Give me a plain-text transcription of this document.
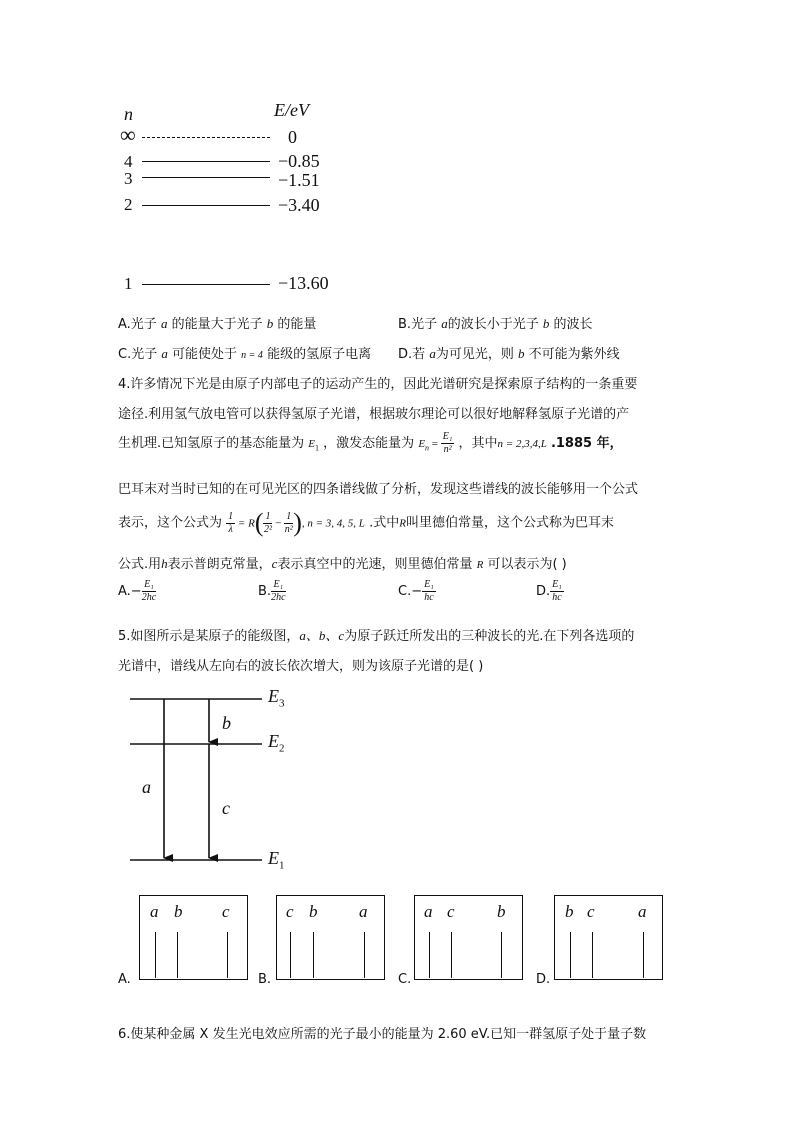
n	E/eV
∞	0
4	−0.85
3	−1.51
2	−3.40
1	−13.60
A.光子 a 的能量大于光子 b 的能量	B.光子 a的波长小于光子 b 的波长
C.光子 a 可能使处于 n = 4 能级的氢原子电离 D.若 a为可见光，则 b 不可能为紫外线
4.许多情况下光是由原子内部电子的运动产生的，因此光谱研究是探索原子结构的一条重要
途径.利用氢气放电管可以获得氢原子光谱，根据玻尔理论可以很好地解释氢原子光谱的产
生机理.已知氢原子的基态能量为 $E_1$ ，激发态能量为 $E_n = \frac{\text{E₁}}{\text{n²}}$ ，其中n = 2,3,4,L .1885 年，
巴耳末对当时已知的在可见光区的四条谱线做了分析，发现这些谱线的波长能够用一个公式
表示，这个公式为 $\frac{1}{\lambda} = R( \frac{1}{\text{2²}} - \frac{1}{\text{n²}}$ ), n = 3, 4, 5, L .式中R叫里德伯常量，这个公式称为巴耳末
公式.用h表示普朗克常量，c表示真空中的光速，则里德伯常量 R 可以表示为( )
$A.- \frac{\text{E₁}}{2hc}$	B. $\frac{\text{E₁}}{2hc}$	$C.- \frac{\text{E₁}}{hc}$	D. $\frac{\text{E₁}}{hc}$
5.如图所示是某原子的能级图，a、b、c为原子跃迁所发出的三种波长的光.在下列各选项的
光谱中，谱线从左向右的波长依次增大，则为该原子光谱的是( )
$E_3$
$E_2$
$E_1$
a
b
c
A.
a b c
B.
c b a
C.
a c b
D.
b c	a
6.使某种金属 X 发生光电效应所需的光子最小的能量为 2.60 eV.已知一群氢原子处于量子数
